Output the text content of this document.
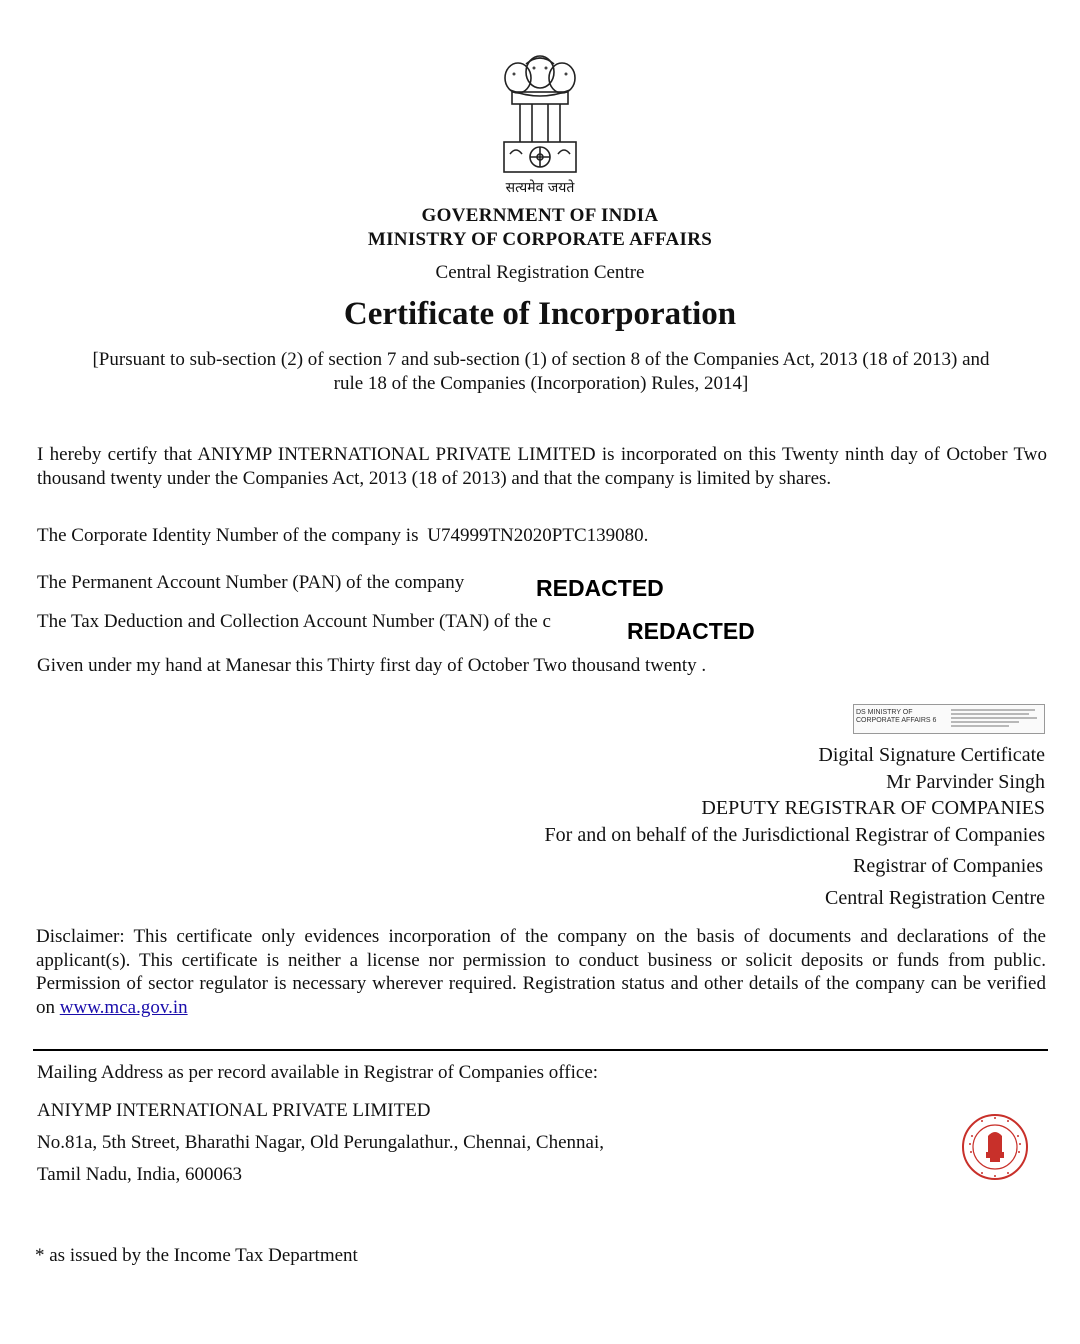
सत्यमेव जयते
GOVERNMENT OF INDIA
MINISTRY OF CORPORATE AFFAIRS
Central Registration Centre
Certificate of Incorporation
[Pursuant to sub-section (2) of section 7 and sub-section (1) of section 8 of the Companies Act, 2013 (18 of 2013) and
rule 18 of the Companies (Incorporation) Rules, 2014]
I hereby certify that ANIYMP INTERNATIONAL PRIVATE LIMITED is incorporated on this Twenty ninth day of October Two thousand twenty under the Companies Act, 2013 (18 of 2013) and that the company is limited by shares.
The Corporate Identity Number of the company is U74999TN2020PTC139080.
The Permanent Account Number (PAN) of the company	REDACTED
The Tax Deduction and Collection Account Number (TAN) of the c	REDACTED
Given under my hand at Manesar this Thirty first day of October Two thousand twenty .
DS MINISTRY OF
CORPORATE AFFAIRS 6
Digital Signature Certificate
Mr Parvinder Singh
DEPUTY REGISTRAR OF COMPANIES
For and on behalf of the Jurisdictional Registrar of Companies
Registrar of Companies
Central Registration Centre
Disclaimer: This certificate only evidences incorporation of the company on the basis of documents and declarations of the applicant(s). This certificate is neither a license nor permission to conduct business or solicit deposits or funds from public. Permission of sector regulator is necessary wherever required. Registration status and other details of the company can be verified on www.mca.gov.in
Mailing Address as per record available in Registrar of Companies office:
ANIYMP INTERNATIONAL PRIVATE LIMITED
No.81a, 5th Street, Bharathi Nagar, Old Perungalathur., Chennai, Chennai,
Tamil Nadu, India, 600063
* as issued by the Income Tax Department
